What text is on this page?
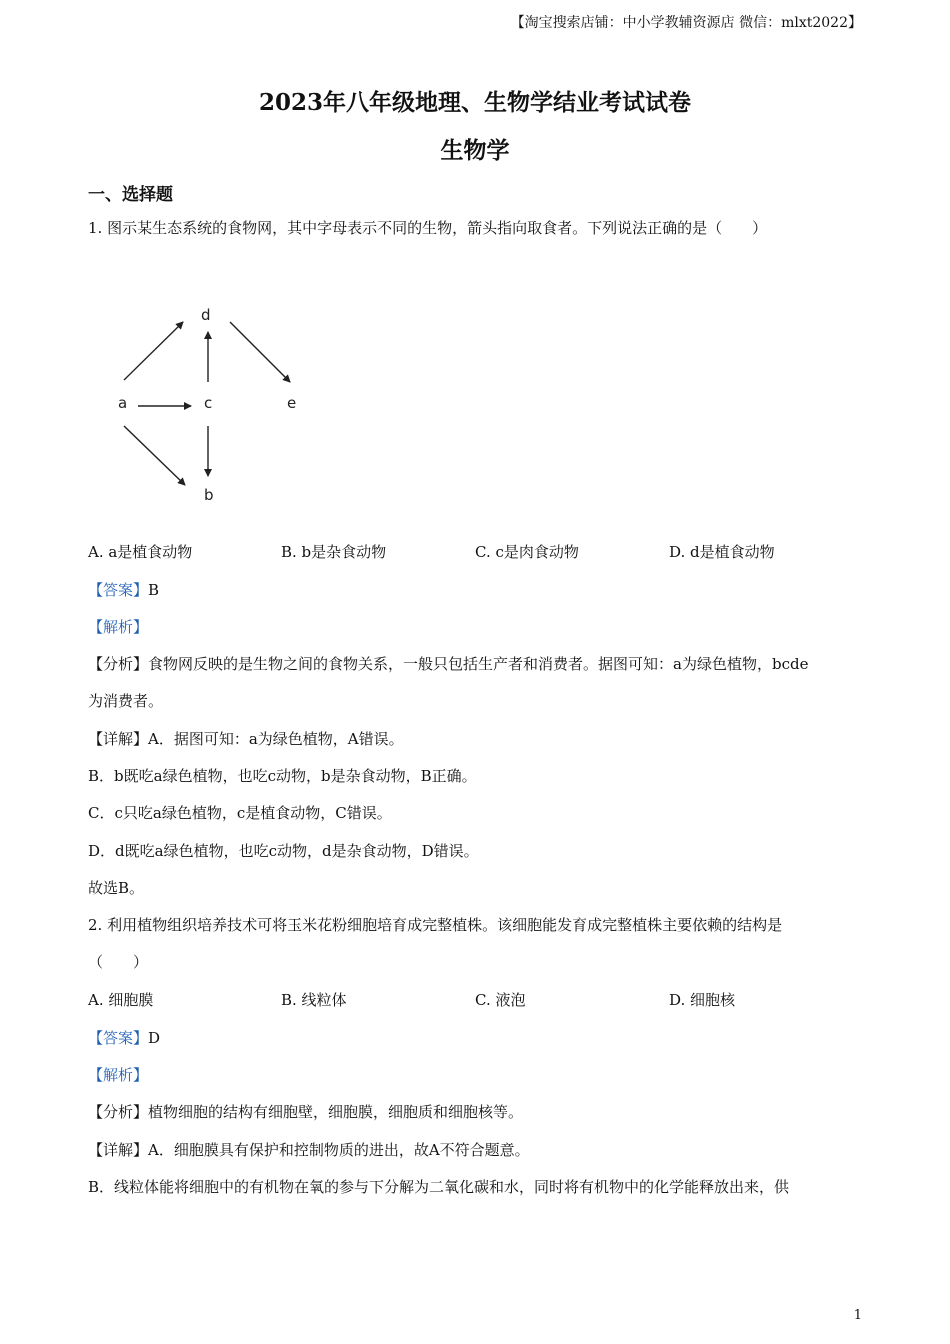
【淘宝搜索店铺：中小学教辅资源店 微信：mlxt2022】
2023年八年级地理、生物学结业考试试卷
生物学
一、选择题
1. 图示某生态系统的食物网，其中字母表示不同的生物，箭头指向取食者。下列说法正确的是（　　）
d
a	c	e
b
A. a是植食动物	B. b是杂食动物	C. c是肉食动物	D. d是植食动物
【答案】B
【解析】
【分析】食物网反映的是生物之间的食物关系，一般只包括生产者和消费者。据图可知：a为绿色植物，bcde
为消费者。
【详解】A．据图可知：a为绿色植物，A错误。
B．b既吃a绿色植物，也吃c动物，b是杂食动物，B正确。
C．c只吃a绿色植物，c是植食动物，C错误。
D．d既吃a绿色植物，也吃c动物，d是杂食动物，D错误。
故选B。
2. 利用植物组织培养技术可将玉米花粉细胞培育成完整植株。该细胞能发育成完整植株主要依赖的结构是
（　　）
A. 细胞膜	B. 线粒体	C. 液泡	D. 细胞核
【答案】D
【解析】
【分析】植物细胞的结构有细胞壁，细胞膜，细胞质和细胞核等。
【详解】A．细胞膜具有保护和控制物质的进出，故A不符合题意。
B．线粒体能将细胞中的有机物在氧的参与下分解为二氧化碳和水，同时将有机物中的化学能释放出来，供
1
